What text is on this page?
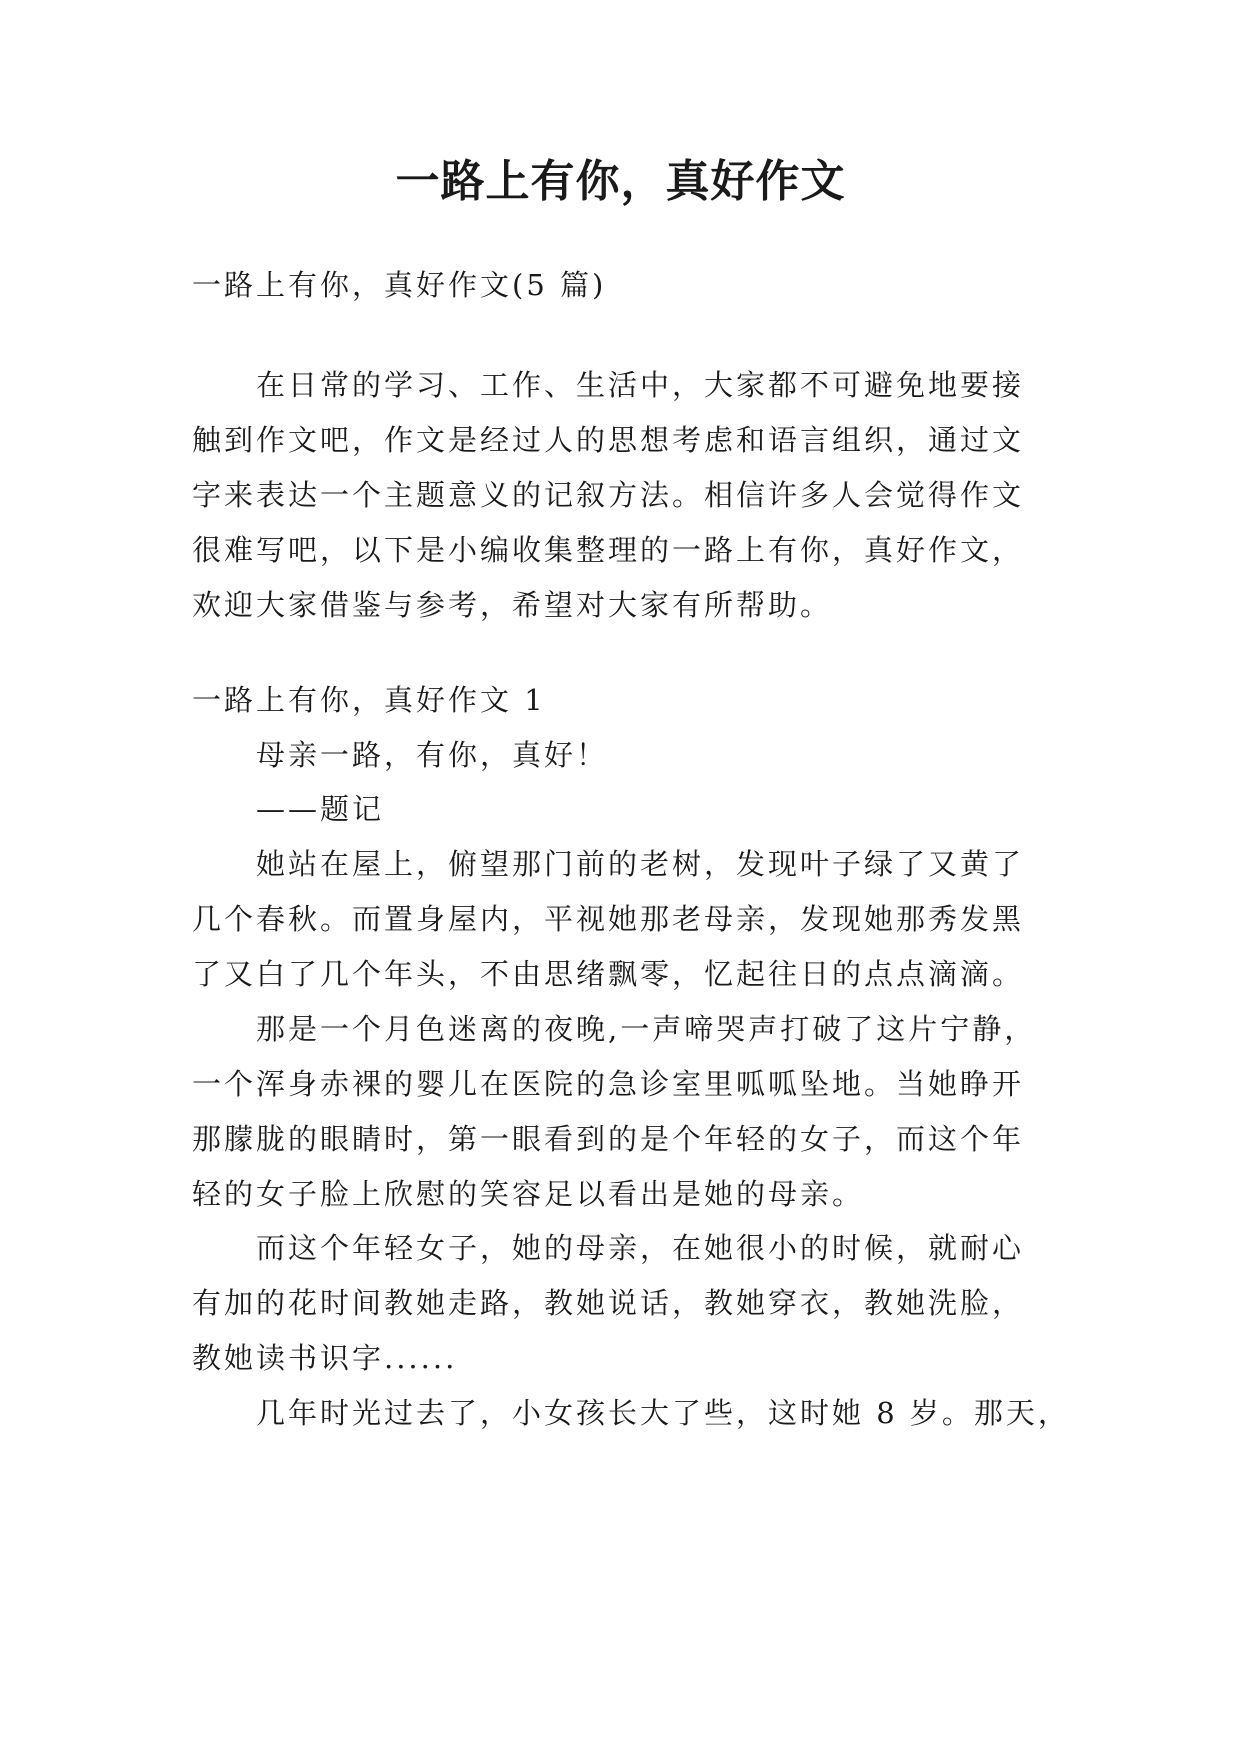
一路上有你，真好作文
一路上有你，真好作文(5 篇)
在日常的学习、工作、生活中，大家都不可避免地要接
触到作文吧，作文是经过人的思想考虑和语言组织，通过文
字来表达一个主题意义的记叙方法。相信许多人会觉得作文
很难写吧，以下是小编收集整理的一路上有你，真好作文，
欢迎大家借鉴与参考，希望对大家有所帮助。
一路上有你，真好作文 1
母亲一路，有你，真好！
——题记
她站在屋上，俯望那门前的老树，发现叶子绿了又黄了
几个春秋。而置身屋内，平视她那老母亲，发现她那秀发黑
了又白了几个年头，不由思绪飘零，忆起往日的点点滴滴。
那是一个月色迷离的夜晚,一声啼哭声打破了这片宁静，
一个浑身赤裸的婴儿在医院的急诊室里呱呱坠地。当她睁开
那朦胧的眼睛时，第一眼看到的是个年轻的女子，而这个年
轻的女子脸上欣慰的笑容足以看出是她的母亲。
而这个年轻女子，她的母亲，在她很小的时候，就耐心
有加的花时间教她走路，教她说话，教她穿衣，教她洗脸，
教她读书识字......
几年时光过去了，小女孩长大了些，这时她 8 岁。那天，
